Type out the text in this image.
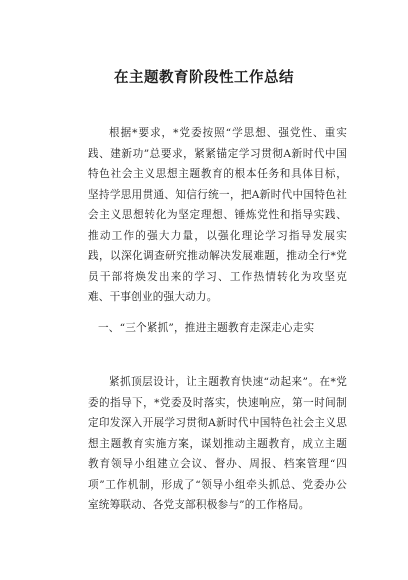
在主题教育阶段性工作总结

根据*要求，*党委按照“学思想、强党性、重实践、建新功”总要求，紧紧锚定学习贯彻A新时代中国特色社会主义思想主题教育的根本任务和具体目标，坚持学思用贯通、知信行统一，把A新时代中国特色社会主义思想转化为坚定理想、锤炼党性和指导实践、推动工作的强大力量，以强化理论学习指导发展实践，以深化调查研究推动解决发展难题，推动全行*党员干部将焕发出来的学习、工作热情转化为攻坚克难、干事创业的强大动力。

一、“三个紧抓”，推进主题教育走深走心走实

紧抓顶层设计，让主题教育快速“动起来”。在*党委的指导下，*党委及时落实，快速响应，第一时间制定印发深入开展学习贯彻A新时代中国特色社会主义思想主题教育实施方案，谋划推动主题教育，成立主题教育领导小组建立会议、督办、周报、档案管理“四项”工作机制，形成了“领导小组牵头抓总、党委办公室统筹联动、各党支部积极参与”的工作格局。
